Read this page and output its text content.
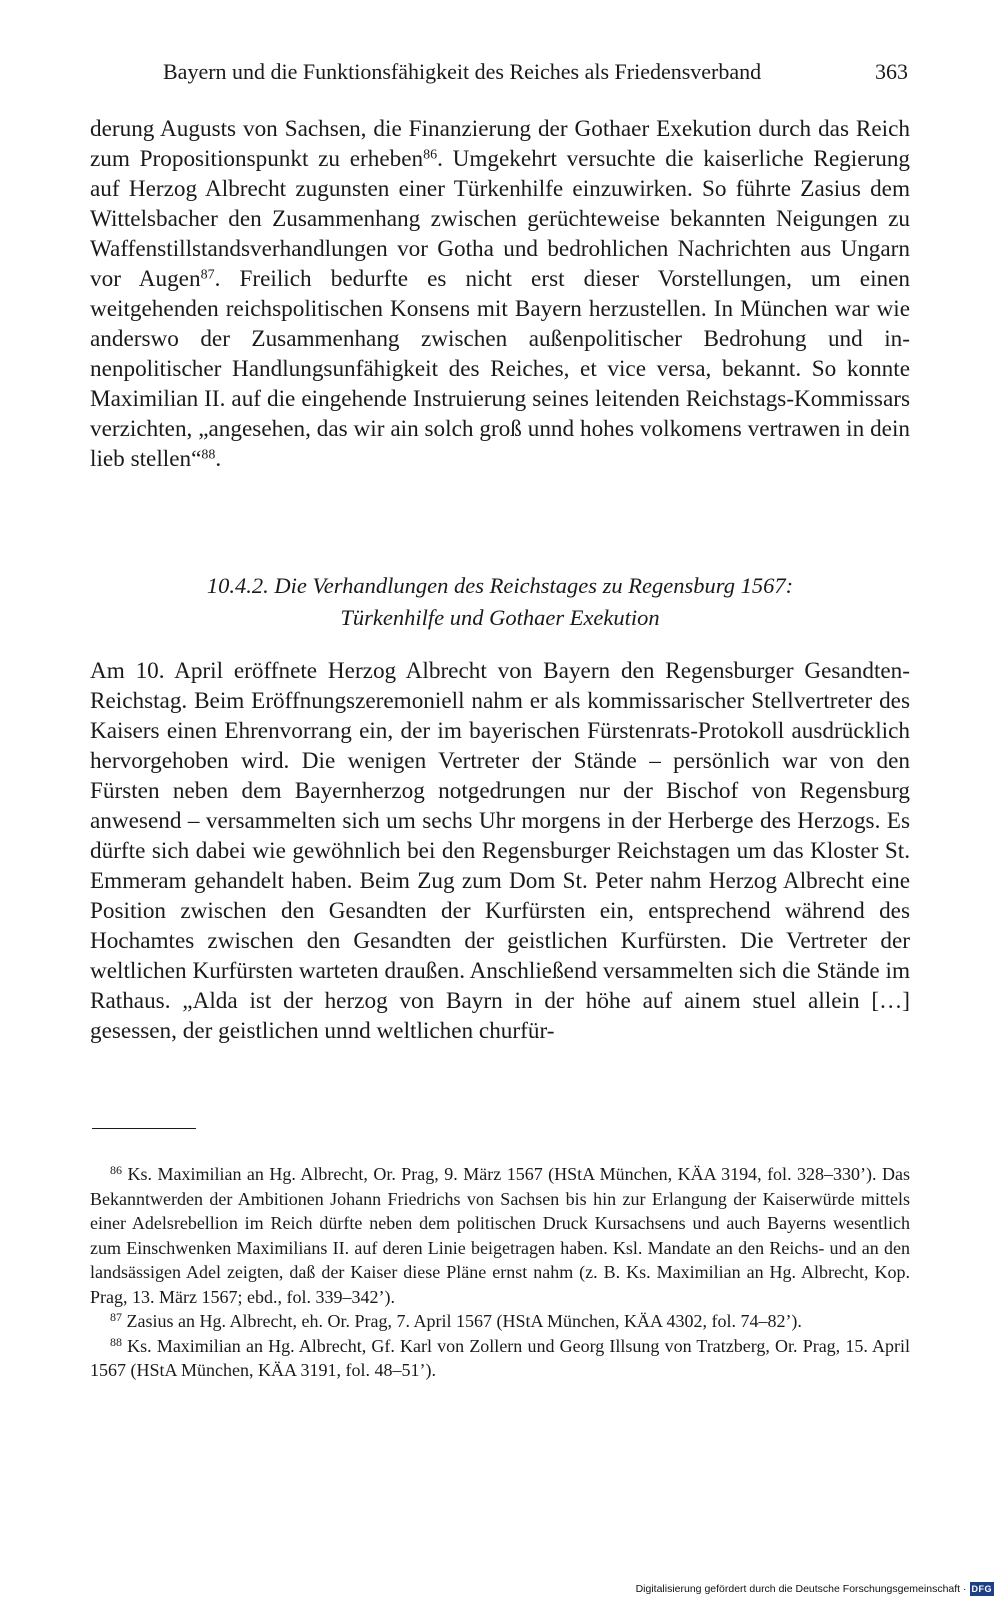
Bayern und die Funktionsfähigkeit des Reiches als Friedensverband	363

derung Augusts von Sachsen, die Finanzierung der Gothaer Exekution durch das Reich zum Propositionspunkt zu erheben$^{86}$. Umgekehrt versuchte die kaiserliche Regierung auf Herzog Albrecht zugunsten einer Türkenhilfe einzuwirken. So führte Zasius dem Wittelsbacher den Zusammenhang zwischen gerüchteweise bekannten Neigungen zu Waffenstillstandsverhandlungen vor Gotha und bedrohlichen Nachrichten aus Ungarn vor Augen$^{87}$. Freilich bedurfte es nicht erst dieser Vorstellungen, um einen weitgehenden reichspolitischen Konsens mit Bayern herzustellen. In München war wie anderswo der Zusammenhang zwischen außenpolitischer Bedrohung und innenpolitischer Handlungsunfähigkeit des Reiches, et vice versa, bekannt. So konnte Maximilian II. auf die eingehende Instruierung seines leitenden Reichstags-Kommissars verzichten, „angesehen, das wir ain solch groß unnd hohes volkomens vertrawen in dein lieb stellen“$^{88}$.

10.4.2. Die Verhandlungen des Reichstages zu Regensburg 1567:
Türkenhilfe und Gothaer Exekution

Am 10. April eröffnete Herzog Albrecht von Bayern den Regensburger Gesandten-Reichstag. Beim Eröffnungszeremoniell nahm er als kommissarischer Stellvertreter des Kaisers einen Ehrenvorrang ein, der im bayerischen Fürstenrats-Protokoll ausdrücklich hervorgehoben wird. Die wenigen Vertreter der Stände – persönlich war von den Fürsten neben dem Bayernherzog notgedrungen nur der Bischof von Regensburg anwesend – versammelten sich um sechs Uhr morgens in der Herberge des Herzogs. Es dürfte sich dabei wie gewöhnlich bei den Regensburger Reichstagen um das Kloster St. Emmeram gehandelt haben. Beim Zug zum Dom St. Peter nahm Herzog Albrecht eine Position zwischen den Gesandten der Kurfürsten ein, entsprechend während des Hochamtes zwischen den Gesandten der geistlichen Kurfürsten. Die Vertreter der weltlichen Kurfürsten warteten draußen. Anschließend versammelten sich die Stände im Rathaus. „Alda ist der herzog von Bayrn in der höhe auf ainem stuel allein […] gesessen, der geistlichen unnd weltlichen churfür-

$^{86}$ Ks. Maximilian an Hg. Albrecht, Or. Prag, 9. März 1567 (HStA München, KÄA 3194, fol. 328–330’). Das Bekanntwerden der Ambitionen Johann Friedrichs von Sachsen bis hin zur Erlangung der Kaiserwürde mittels einer Adelsrebellion im Reich dürfte neben dem politischen Druck Kursachsens und auch Bayerns wesentlich zum Einschwenken Maximilians II. auf deren Linie beigetragen haben. Ksl. Mandate an den Reichs- und an den landsässigen Adel zeigten, daß der Kaiser diese Pläne ernst nahm (z. B. Ks. Maximilian an Hg. Albrecht, Kop. Prag, 13. März 1567; ebd., fol. 339–342’).

$^{87}$ Zasius an Hg. Albrecht, eh. Or. Prag, 7. April 1567 (HStA München, KÄA 4302, fol. 74–82’).

$^{88}$ Ks. Maximilian an Hg. Albrecht, Gf. Karl von Zollern und Georg Illsung von Tratzberg, Or. Prag, 15. April 1567 (HStA München, KÄA 3191, fol. 48–51’).

Digitalisierung gefördert durch die Deutsche Forschungsgemeinschaft · DFG
